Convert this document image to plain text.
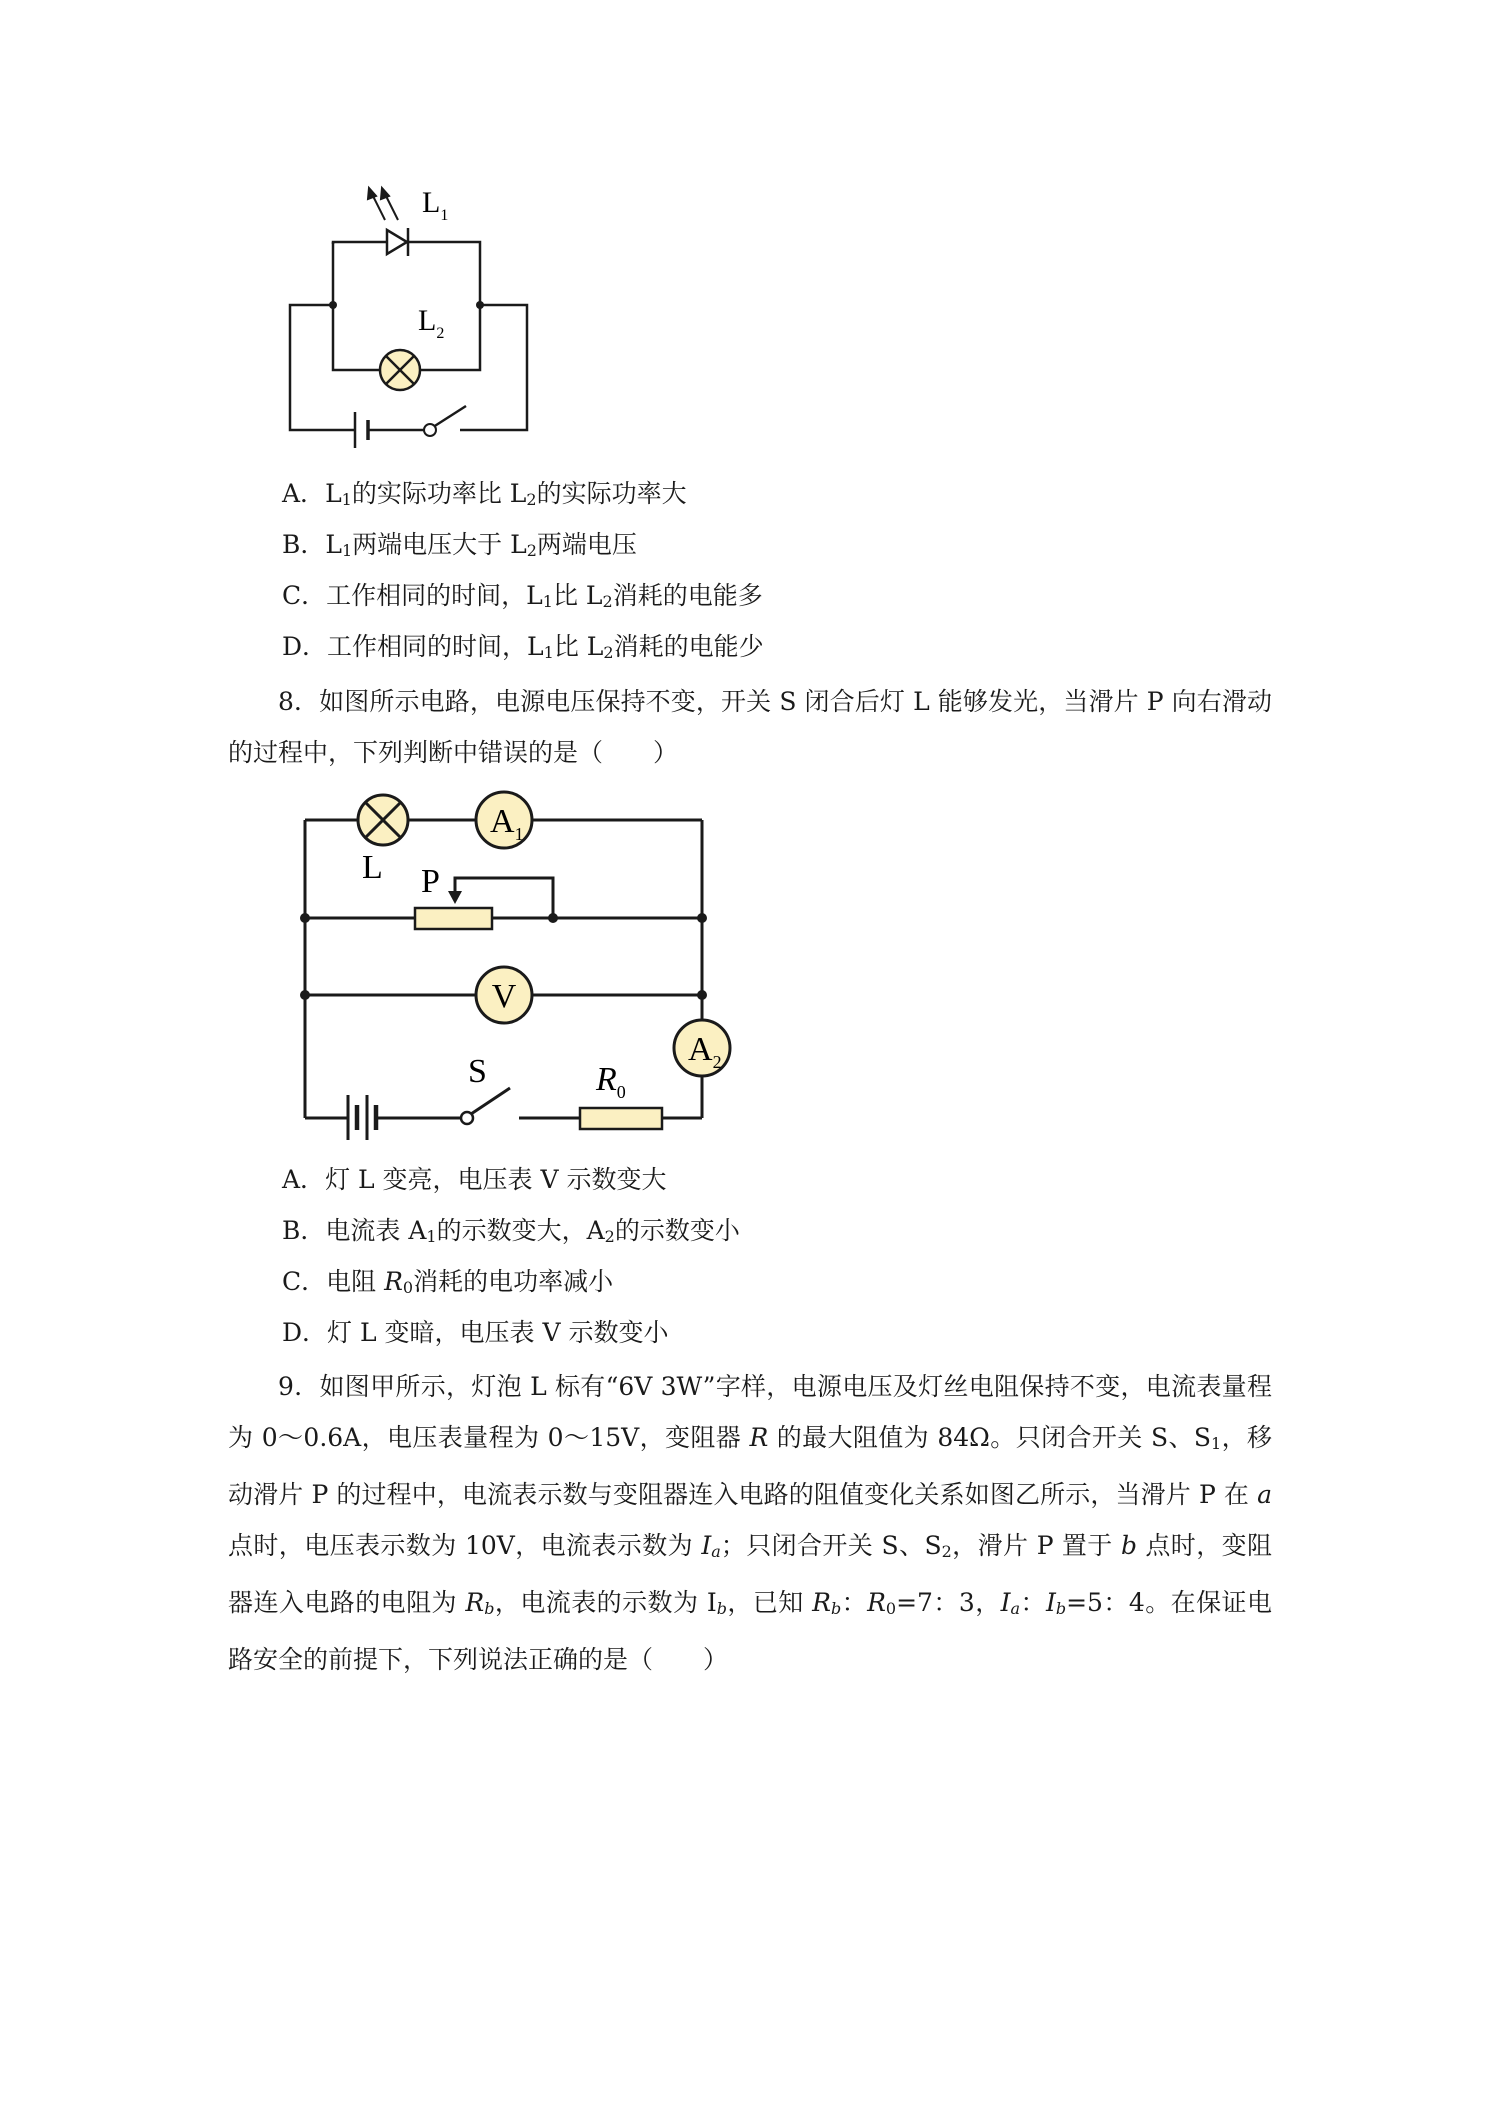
$L_1$
$L_2$
A．$L_1$的实际功率比 $L_2$的实际功率大
B．$L_1$两端电压大于 $L_2$两端电压
C．工作相同的时间，$L_1$比 $L_2$消耗的电能多
D．工作相同的时间，$L_1$比 $L_2$消耗的电能少
8．如图所示电路，电源电压保持不变，开关 S 闭合后灯 L 能够发光，当滑片 P 向右滑动的过程中，下列判断中错误的是（　　）
$A_1$
V
$A_2$
L P
S	$R_0$
A．灯 L 变亮，电压表 V 示数变大
B．电流表 $A_1$的示数变大，$A_2$的示数变小
C．电阻 $R_0$消耗的电功率减小
D．灯 L 变暗，电压表 V 示数变小
9．如图甲所示，灯泡 L 标有“6V 3W”字样，电源电压及灯丝电阻保持不变，电流表量程为 0～0.6A，电压表量程为 0～15V，变阻器 R 的最大阻值为 84Ω。只闭合开关 S、$S_1$，移动滑片 P 的过程中，电流表示数与变阻器连入电路的阻值变化关系如图乙所示，当滑片 P 在 a 点时，电压表示数为 10V，电流表示数为 $I_a$；只闭合开关 S、$S_2$，滑片 P 置于 b 点时，变阻器连入电路的电阻为 $R_b$，电流表的示数为 $I_b$，已知 $R_b$：$R_0=7$：3，$I_a$：$I_b=5$：4。在保证电路安全的前提下，下列说法正确的是（　　）
